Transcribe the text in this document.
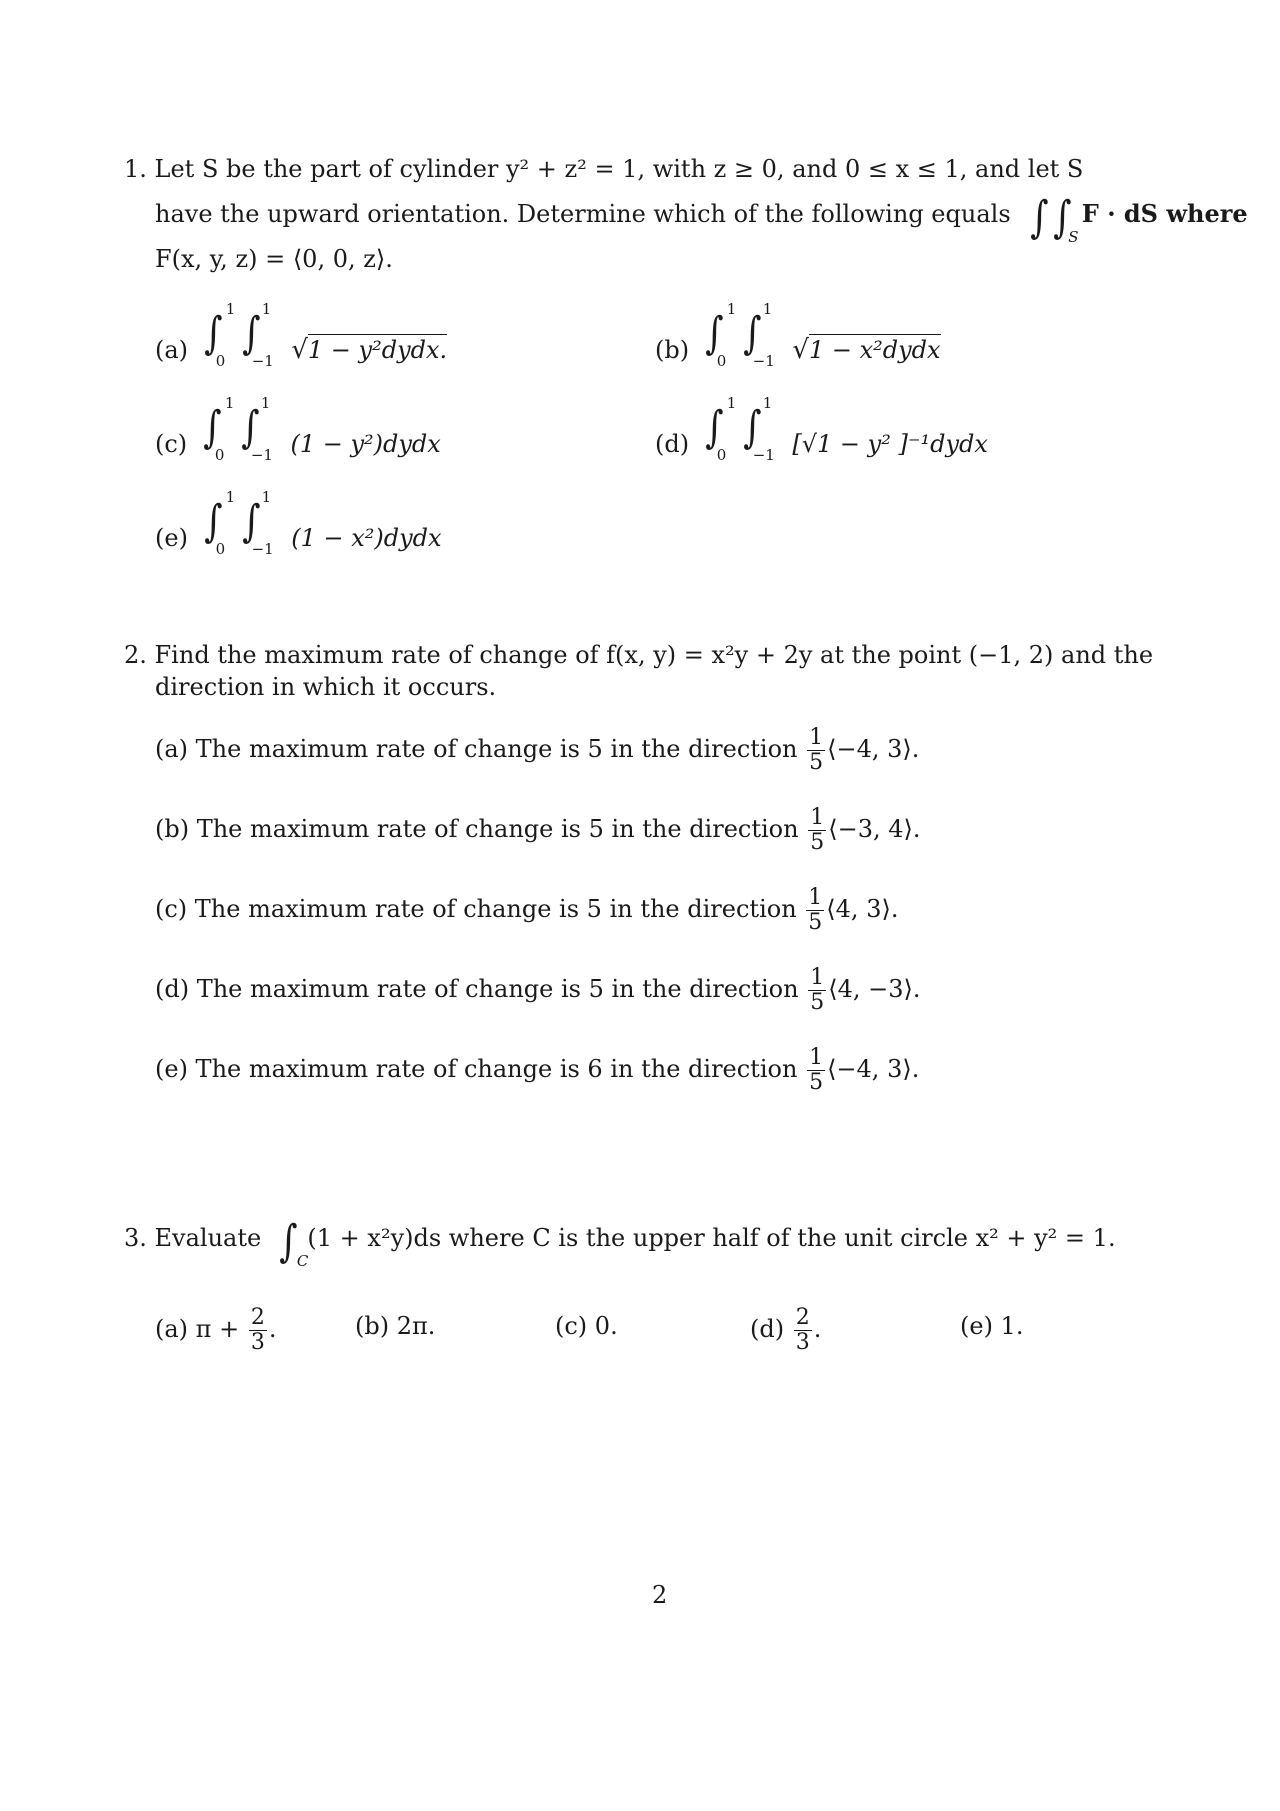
1. Let S be the part of cylinder y² + z² = 1, with z ≥ 0, and 0 ≤ x ≤ 1, and let S
have the upward orientation. Determine which of the following equals ∫ ∫
S
F · dS where
F(x, y, z) = ⟨0, 0, z⟩.
(a) ∫ ∫
1
0
1
−1 √1 − y²dydx.	(b) ∫ ∫
1
0
1
−1 √1 − x²dydx
(c) ∫ ∫
1
0
1
−1 (1 − y²)dydx	(d) ∫ ∫
1
0
1
−1 [√1 − y² ]⁻¹dydx
(e) ∫ ∫
1
0
1
−1 (1 − x²)dydx
2. Find the maximum rate of change of f(x, y) = x²y + 2y at the point (−1, 2) and the
direction in which it occurs.
(a) The maximum rate of change is 5 in the direction $\frac{1}{5}$ ⟨−4, 3⟩.
(b) The maximum rate of change is 5 in the direction $\frac{1}{5}$ ⟨−3, 4⟩.
(c) The maximum rate of change is 5 in the direction $\frac{1}{5}$ ⟨4, 3⟩.
(d) The maximum rate of change is 5 in the direction $\frac{1}{5}$ ⟨4, −3⟩.
(e) The maximum rate of change is 6 in the direction $\frac{1}{5}$ ⟨−4, 3⟩.
3. Evaluate ∫ C
(1 + x²y)ds where C is the upper half of the unit circle x² + y² = 1.
(a) $\pi + \frac{2}{3}$ .	(b) 2π.	(c) 0.	$(d) \frac{2}{3}$ .	(e) 1.
2
